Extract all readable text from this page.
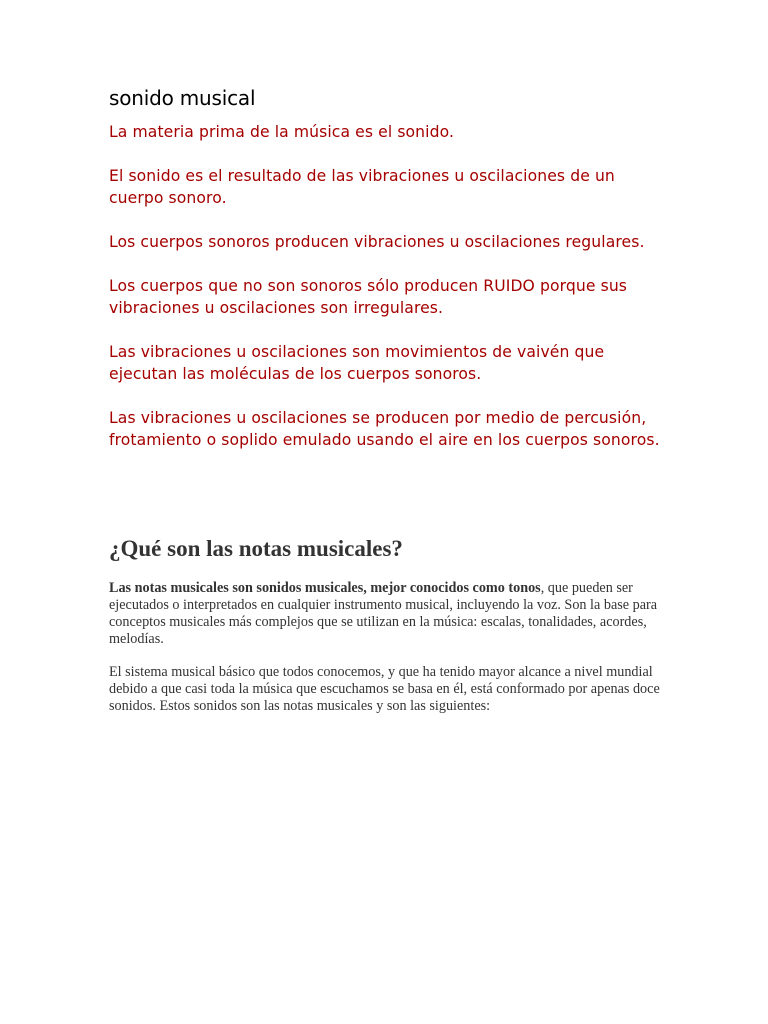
sonido musical

La materia prima de la música es el sonido.

El sonido es el resultado de las vibraciones u oscilaciones de un cuerpo sonoro.

Los cuerpos sonoros producen vibraciones u oscilaciones regulares.

Los cuerpos que no son sonoros sólo producen RUIDO porque sus vibraciones u oscilaciones son irregulares.

Las vibraciones u oscilaciones son movimientos de vaivén que ejecutan las moléculas de los cuerpos sonoros.

Las vibraciones u oscilaciones se producen por medio de percusión, frotamiento o soplido emulado usando el aire en los cuerpos sonoros.

¿Qué son las notas musicales?

Las notas musicales son sonidos musicales, mejor conocidos como tonos, que pueden ser ejecutados o interpretados en cualquier instrumento musical, incluyendo la voz. Son la base para conceptos musicales más complejos que se utilizan en la música: escalas, tonalidades, acordes, melodías.

El sistema musical básico que todos conocemos, y que ha tenido mayor alcance a nivel mundial debido a que casi toda la música que escuchamos se basa en él, está conformado por apenas doce sonidos. Estos sonidos son las notas musicales y son las siguientes:
